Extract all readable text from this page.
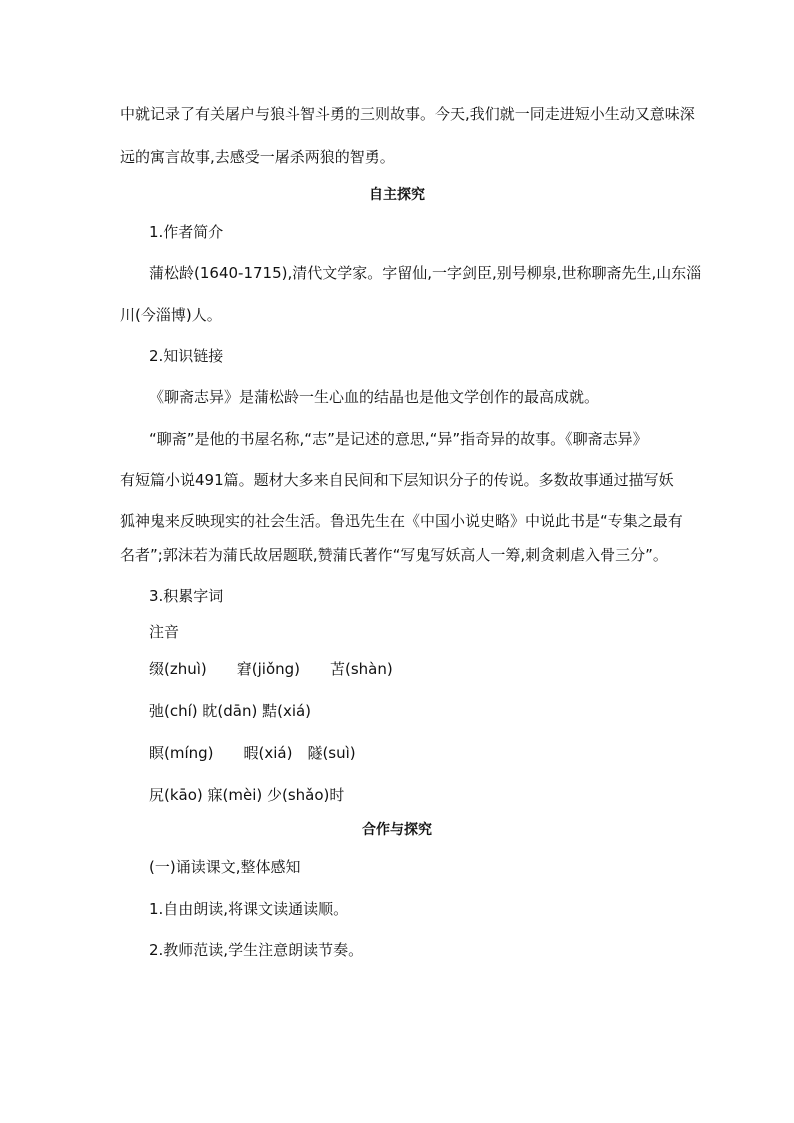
中就记录了有关屠户与狼斗智斗勇的三则故事。今天,我们就一同走进短小生动又意味深
远的寓言故事,去感受一屠杀两狼的智勇。
自主探究
1.作者简介
蒲松龄(1640-1715),清代文学家。字留仙,一字剑臣,别号柳泉,世称聊斋先生,山东淄
川(今淄博)人。
2.知识链接
《聊斋志异》是蒲松龄一生心血的结晶也是他文学创作的最高成就。
“聊斋”是他的书屋名称,“志”是记述的意思,“异”指奇异的故事。《聊斋志异》
有短篇小说491篇。题材大多来自民间和下层知识分子的传说。多数故事通过描写妖
狐神鬼来反映现实的社会生活。鲁迅先生在《中国小说史略》中说此书是“专集之最有
名者”;郭沫若为蒲氏故居题联,赞蒲氏著作“写鬼写妖高人一筹,刺贪刺虐入骨三分”。
3.积累字词
注音
缀(zhuì)　　窘(jiǒng)　　苫(shàn)
弛(chí) 眈(dān) 黠(xiá)
瞑(míng)　　暇(xiá)　隧(suì)
尻(kāo) 寐(mèi) 少(shǎo)时
合作与探究
(一)诵读课文,整体感知
1.自由朗读,将课文读通读顺。
2.教师范读,学生注意朗读节奏。
